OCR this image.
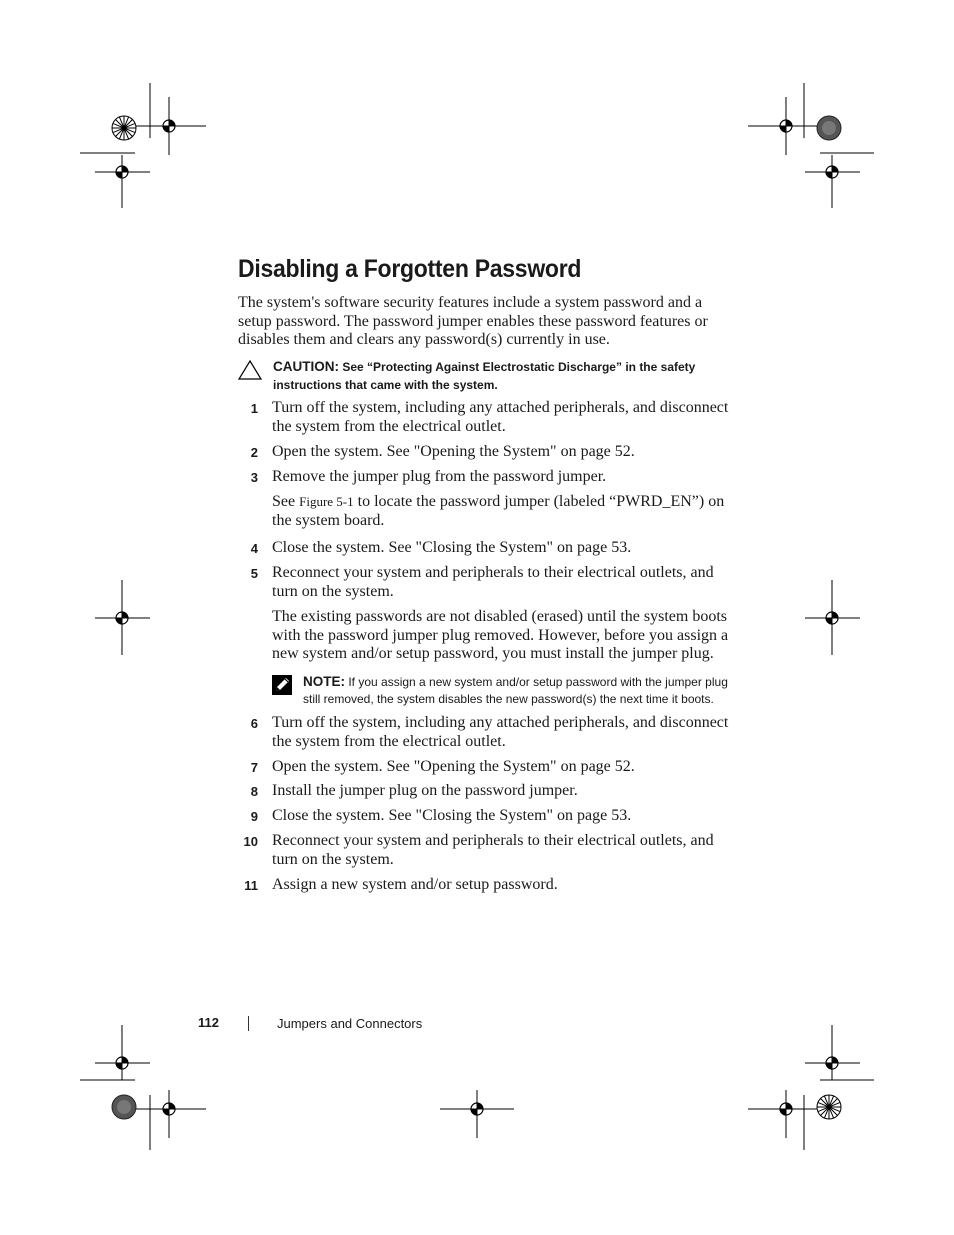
Disabling a Forgotten Password

The system's software security features include a system password and a setup password. The password jumper enables these password features or disables them and clears any password(s) currently in use.

CAUTION: See “Protecting Against Electrostatic Discharge” in the safety instructions that came with the system.
1 Turn off the system, including any attached peripherals, and disconnect the system from the electrical outlet.

2 Open the system. See "Opening the System" on page 52.

3 Remove the jumper plug from the password jumper.

See Figure 5-1 to locate the password jumper (labeled “PWRD_EN”) on the system board.

4 Close the system. See "Closing the System" on page 53.

5 Reconnect your system and peripherals to their electrical outlets, and turn on the system.

The existing passwords are not disabled (erased) until the system boots with the password jumper plug removed. However, before you assign a new system and/or setup password, you must install the jumper plug.

NOTE: If you assign a new system and/or setup password with the jumper plug still removed, the system disables the new password(s) the next time it boots.
6 Turn off the system, including any attached peripherals, and disconnect the system from the electrical outlet.

7 Open the system. See "Opening the System" on page 52.

8 Install the jumper plug on the password jumper.

9 Close the system. See "Closing the System" on page 53.

10 Reconnect your system and peripherals to their electrical outlets, and turn on the system.

11 Assign a new system and/or setup password.

112	Jumpers and Connectors
